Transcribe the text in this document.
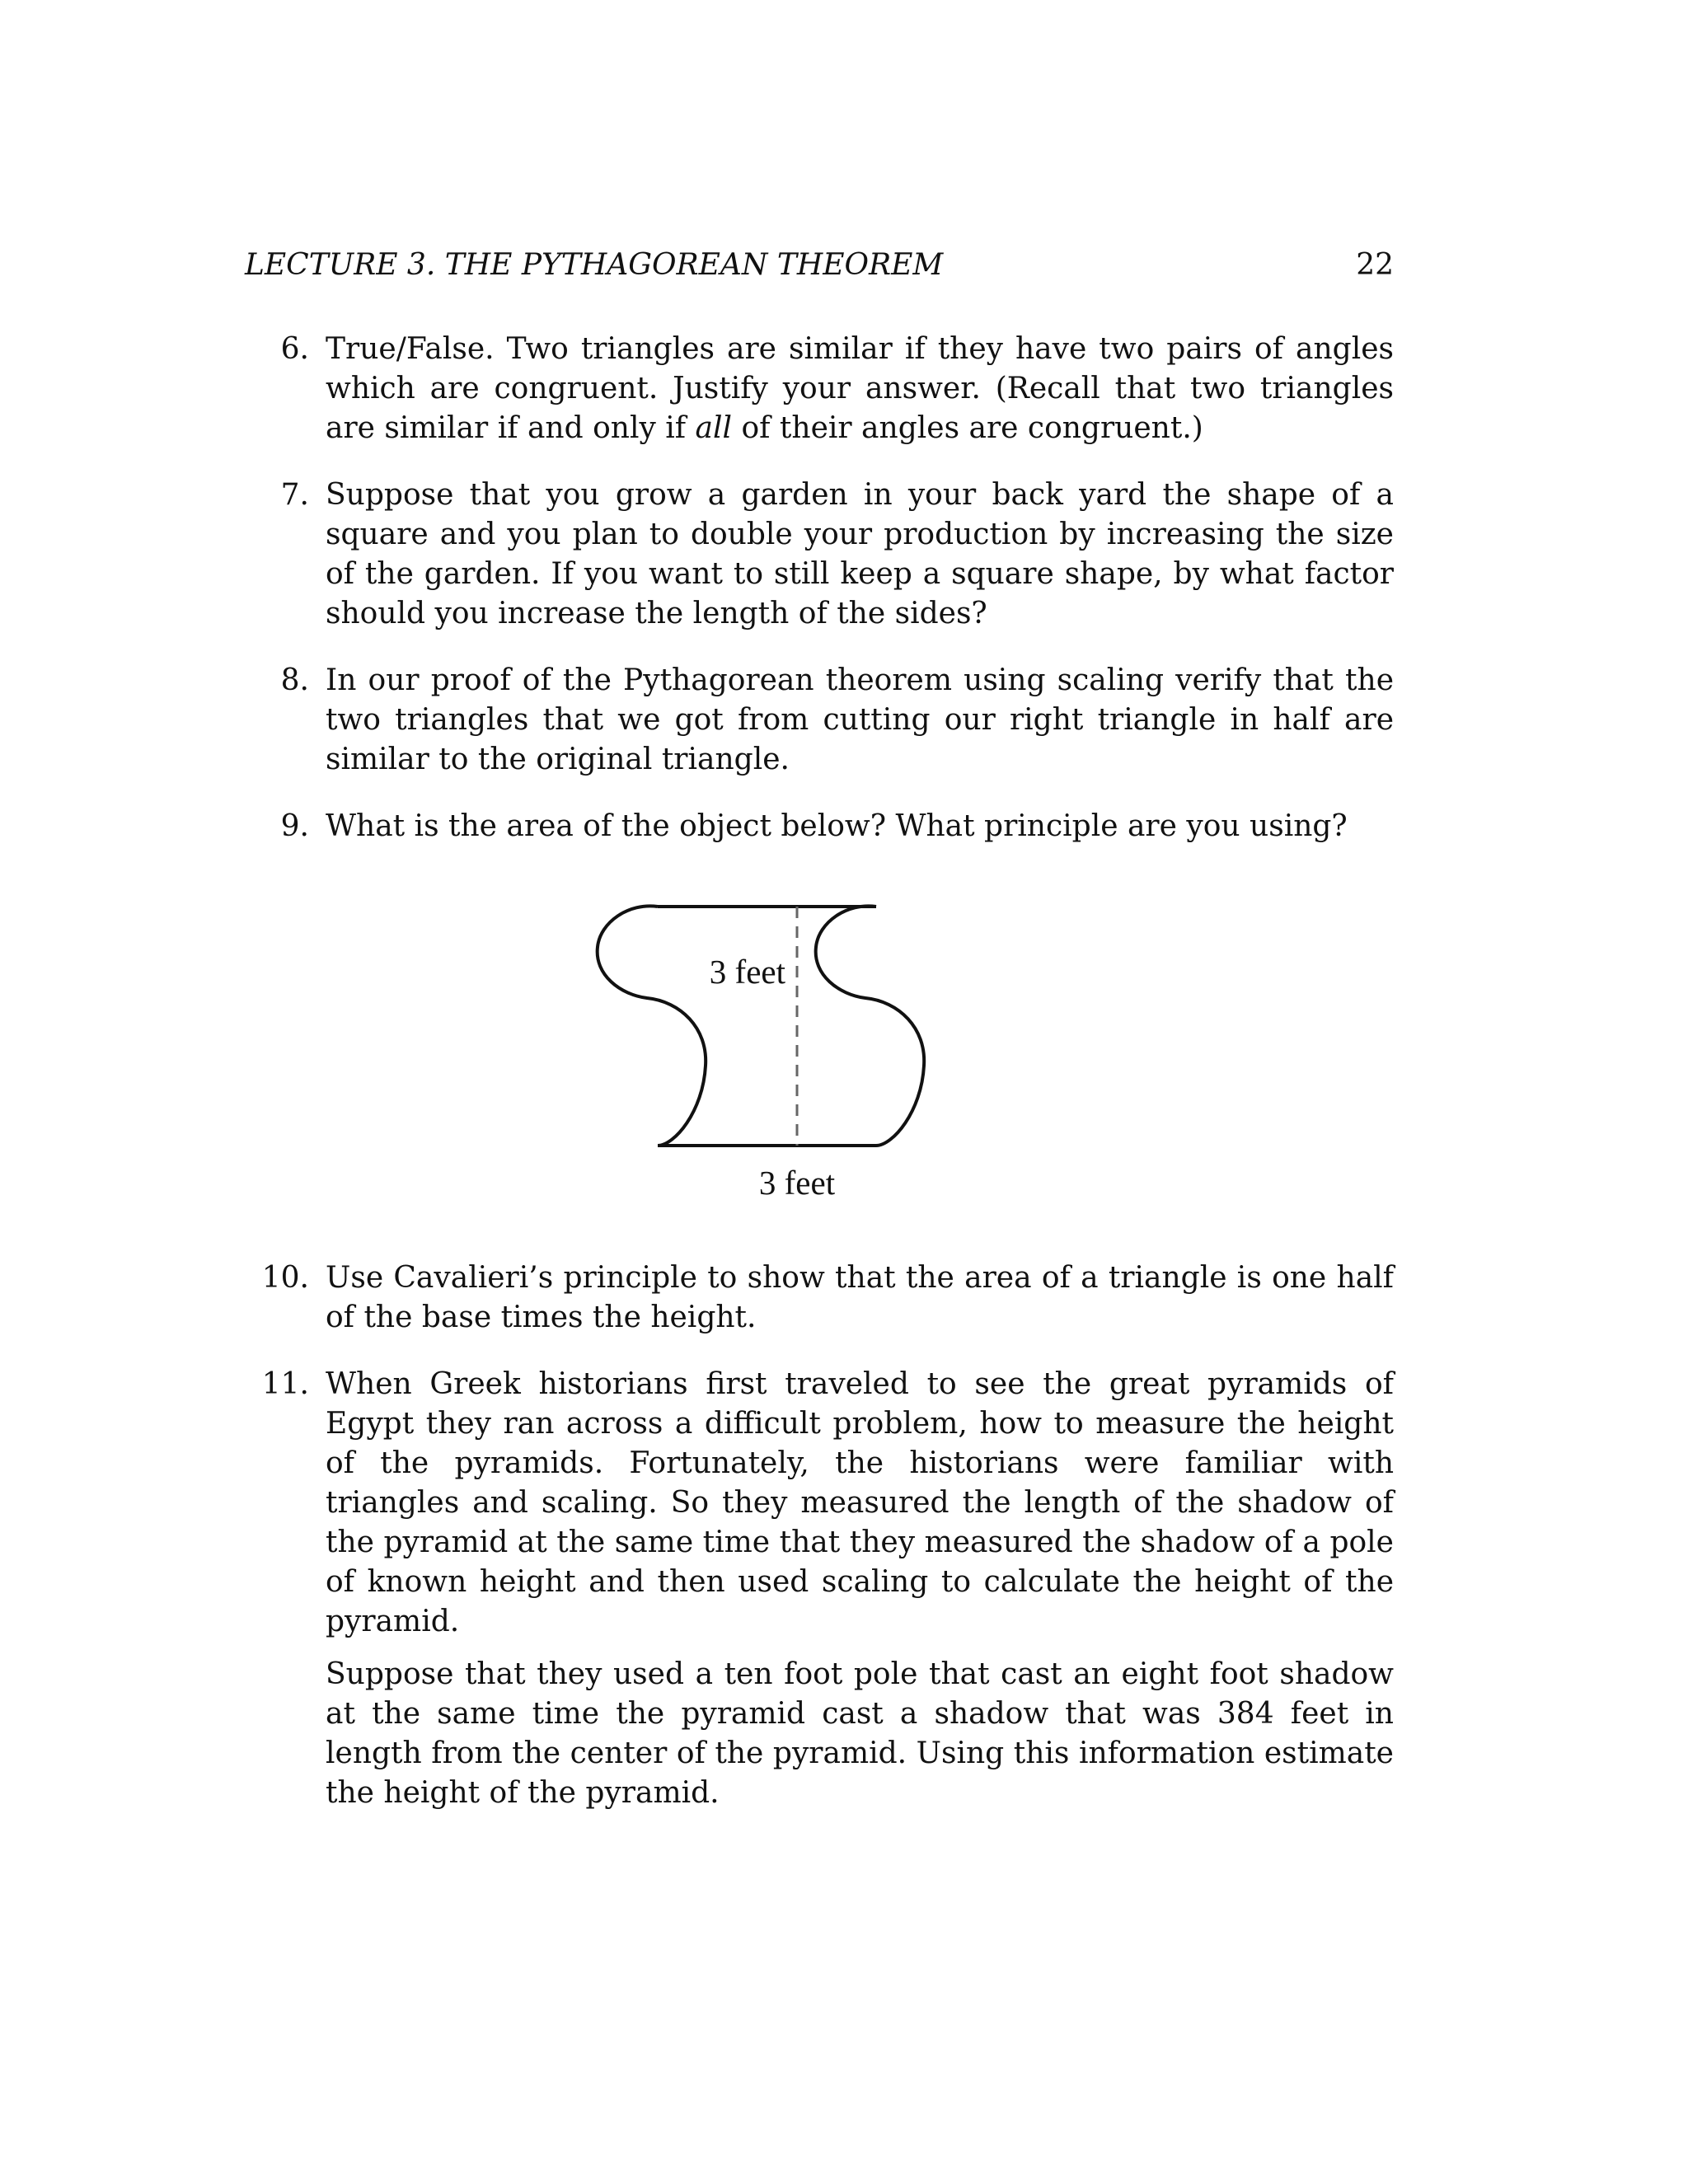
LECTURE 3. THE PYTHAGOREAN THEOREM	22
6. True/False. Two triangles are similar if they have two pairs of angles which are congruent. Justify your answer. (Recall that two triangles are similar if and only if all of their angles are congruent.)
7. Suppose that you grow a garden in your back yard the shape of a square and you plan to double your production by increasing the size of the garden. If you want to still keep a square shape, by what factor should you increase the length of the sides?
8. In our proof of the Pythagorean theorem using scaling verify that the two triangles that we got from cutting our right triangle in half are similar to the original triangle.
9. What is the area of the object below? What principle are you using?
3 feet
3 feet
10. Use Cavalieri’s principle to show that the area of a triangle is one half of the base times the height.
11. When Greek historians first traveled to see the great pyramids of Egypt they ran across a difficult problem, how to measure the height of the pyramids. Fortunately, the historians were familiar with triangles and scaling. So they measured the length of the shadow of the pyramid at the same time that they measured the shadow of a pole of known height and then used scaling to calculate the height of the pyramid.
Suppose that they used a ten foot pole that cast an eight foot shadow at the same time the pyramid cast a shadow that was 384 feet in length from the center of the pyramid. Using this information estimate the height of the pyramid.
